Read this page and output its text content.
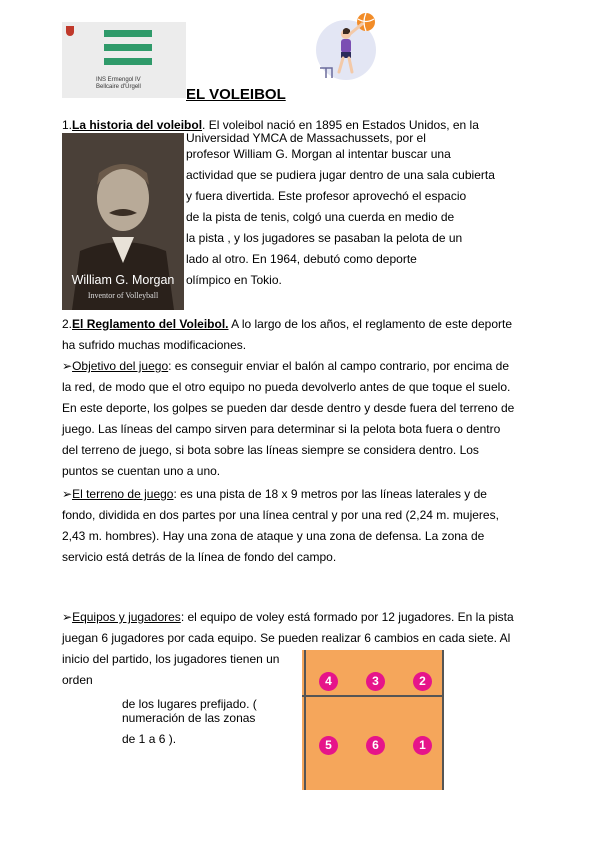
INS Ermengol IV
Bellcaire d'Urgell	EL VOLEIBOL
William G. Morgan
Inventor of Volleyball
1.La historia del voleibol. El voleibol nació en 1895 en Estados Unidos, en la
Universidad YMCA de Massachussets, por el
profesor William G. Morgan al intentar buscar una
actividad que se pudiera jugar dentro de una sala cubierta
y fuera divertida. Este profesor aprovechó el espacio
de la pista de tenis, colgó una cuerda en medio de
la pista , y los jugadores se pasaban la pelota de un
lado al otro. En 1964, debutó como deporte
olímpico en Tokio.
2.El Reglamento del Voleibol. A lo largo de los años, el reglamento de este deporte
ha sufrido muchas modificaciones.
➢Objetivo del juego: es conseguir enviar el balón al campo contrario, por encima de
la red, de modo que el otro equipo no pueda devolverlo antes de que toque el suelo.
En este deporte, los golpes se pueden dar desde dentro y desde fuera del terreno de
juego. Las líneas del campo sirven para determinar si la pelota bota fuera o dentro
del terreno de juego, si bota sobre las líneas siempre se considera dentro. Los
puntos se cuentan uno a uno.
➢El terreno de juego: es una pista de 18 x 9 metros por las líneas laterales y de
fondo, dividida en dos partes por una línea central y por una red (2,24 m. mujeres,
2,43 m. hombres). Hay una zona de ataque y una zona de defensa. La zona de
servicio está detrás de la línea de fondo del campo.
➢Equipos y jugadores: el equipo de voley está formado por 12 jugadores. En la pista
juegan 6 jugadores por cada equipo. Se pueden realizar 6 cambios en cada siete. Al
inicio del partido, los jugadores tienen un
orden
de los lugares prefijado. (
numeración de las zonas
de 1 a 6 ).
4	3	2
5	6	1
